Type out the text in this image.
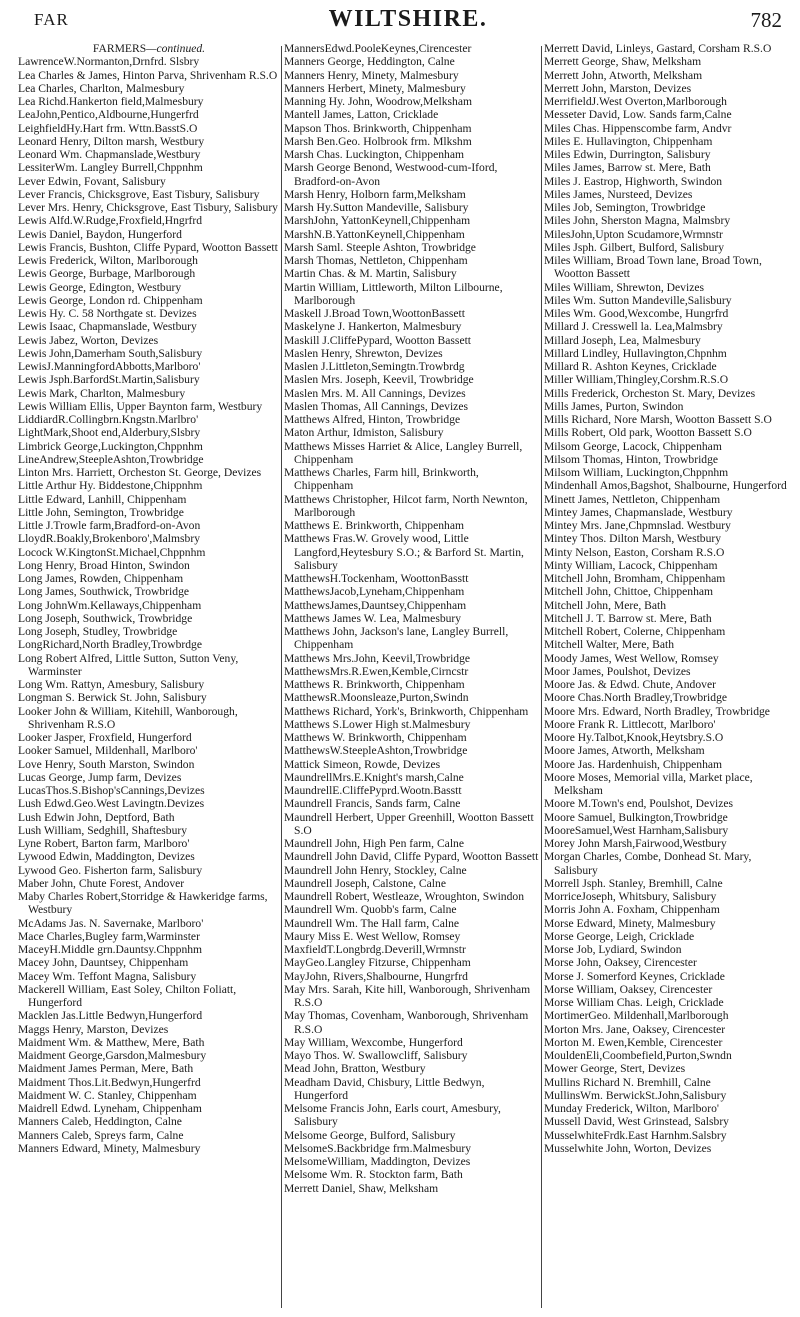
FAR	WILTSHIRE.	782
FARMERS—continued.
LawrenceW.Normanton,Drnfrd. Slsbry
Lea Charles & James, Hinton Parva, Shrivenham R.S.O
Lea Charles, Charlton, Malmesbury
Lea Richd.Hankerton field,Malmesbury
LeaJohn,Pentico,Aldbourne,Hungerfrd
LeighfieldHy.Hart frm. Wttn.BasstS.O
Leonard Henry, Dilton marsh, Westbury
Leonard Wm. Chapmanslade,Westbury
LessiterWm. Langley Burrell,Chppnhm
Lever Edwin, Fovant, Salisbury
Lever Francis, Chicksgrove, East Tisbury, Salisbury
Lever Mrs. Henry, Chicksgrove, East Tisbury, Salisbury
Lewis Alfd.W.Rudge,Froxfield,Hngrfrd
Lewis Daniel, Baydon, Hungerford
Lewis Francis, Bushton, Cliffe Pypard, Wootton Bassett
Lewis Frederick, Wilton, Marlborough
Lewis George, Burbage, Marlborough
Lewis George, Edington, Westbury
Lewis George, London rd. Chippenham
Lewis Hy. C. 58 Northgate st. Devizes
Lewis Isaac, Chapmanslade, Westbury
Lewis Jabez, Worton, Devizes
Lewis John,Damerham South,Salisbury
LewisJ.ManningfordAbbotts,Marlboro'
Lewis Jsph.BarfordSt.Martin,Salisbury
Lewis Mark, Charlton, Malmesbury
Lewis William Ellis, Upper Baynton farm, Westbury
LiddiardR.Collingbrn.Kngstn.Marlbro'
LightMark,Shoot end,Alderbury,Slsbry
Limbrick George,Luckington,Chppnhm
LineAndrew,SteepleAshton,Trowbridge
Linton Mrs. Harriett, Orcheston St. George, Devizes
Little Arthur Hy. Biddestone,Chippnhm
Little Edward, Lanhill, Chippenham
Little John, Semington, Trowbridge
Little J.Trowle farm,Bradford-on-Avon
LloydR.Boakly,Brokenboro',Malmsbry
Locock W.KingtonSt.Michael,Chppnhm
Long Henry, Broad Hinton, Swindon
Long James, Rowden, Chippenham
Long James, Southwick, Trowbridge
Long JohnWm.Kellaways,Chippenham
Long Joseph, Southwick, Trowbridge
Long Joseph, Studley, Trowbridge
LongRichard,North Bradley,Trowbrdge
Long Robert Alfred, Little Sutton, Sutton Veny, Warminster
Long Wm. Rattyn, Amesbury, Salisbury
Longman S. Berwick St. John, Salisbury
Looker John & William, Kitehill, Wanborough, Shrivenham R.S.O
Looker Jasper, Froxfield, Hungerford
Looker Samuel, Mildenhall, Marlboro'
Love Henry, South Marston, Swindon
Lucas George, Jump farm, Devizes
LucasThos.S.Bishop'sCannings,Devizes
Lush Edwd.Geo.West Lavingtn.Devizes
Lush Edwin John, Deptford, Bath
Lush William, Sedghill, Shaftesbury
Lyne Robert, Barton farm, Marlboro'
Lywood Edwin, Maddington, Devizes
Lywood Geo. Fisherton farm, Salisbury
Maber John, Chute Forest, Andover
Maby Charles Robert,Storridge & Hawkeridge farms, Westbury
McAdams Jas. N. Savernake, Marlboro'
Mace Charles,Bugley farm,Warminster
MaceyH.Middle grn.Dauntsy.Chppnhm
Macey John, Dauntsey, Chippenham
Macey Wm. Teffont Magna, Salisbury
Mackerell William, East Soley, Chilton Foliatt, Hungerford
Macklen Jas.Little Bedwyn,Hungerford
Maggs Henry, Marston, Devizes
Maidment Wm. & Matthew, Mere, Bath
Maidment George,Garsdon,Malmesbury
Maidment James Perman, Mere, Bath
Maidment Thos.Lit.Bedwyn,Hungerfrd
Maidment W. C. Stanley, Chippenham
Maidrell Edwd. Lyneham, Chippenham
Manners Caleb, Heddington, Calne
Manners Caleb, Spreys farm, Calne
Manners Edward, Minety, Malmesbury
MannersEdwd.PooleKeynes,Cirencester
Manners George, Heddington, Calne
Manners Henry, Minety, Malmesbury
Manners Herbert, Minety, Malmesbury
Manning Hy. John, Woodrow,Melksham
Mantell James, Latton, Cricklade
Mapson Thos. Brinkworth, Chippenham
Marsh Ben.Geo. Holbrook frm. Mlkshm
Marsh Chas. Luckington, Chippenham
Marsh George Benond, Westwood-cum-Iford, Bradford-on-Avon
Marsh Henry, Holborn farm,Melksham
Marsh Hy.Sutton Mandeville, Salisbury
MarshJohn, YattonKeynell,Chippenham
MarshN.B.YattonKeynell,Chippenham
Marsh Saml. Steeple Ashton, Trowbridge
Marsh Thomas, Nettleton, Chippenham
Martin Chas. & M. Martin, Salisbury
Martin William, Littleworth, Milton Lilbourne, Marlborough
Maskell J.Broad Town,WoottonBassett
Maskelyne J. Hankerton, Malmesbury
Maskill J.CliffePypard, Wootton Bassett
Maslen Henry, Shrewton, Devizes
Maslen J.Littleton,Semingtn.Trowbrdg
Maslen Mrs. Joseph, Keevil, Trowbridge
Maslen Mrs. M. All Cannings, Devizes
Maslen Thomas, All Cannings, Devizes
Matthews Alfred, Hinton, Trowbridge
Maton Arthur, Idmiston, Salisbury
Matthews Misses Harriet & Alice, Langley Burrell, Chippenham
Matthews Charles, Farm hill, Brinkworth, Chippenham
Matthews Christopher, Hilcot farm, North Newnton, Marlborough
Matthews E. Brinkworth, Chippenham
Matthews Fras.W. Grovely wood, Little Langford,Heytesbury S.O.; & Barford St. Martin, Salisbury
MatthewsH.Tockenham, WoottonBasstt
MatthewsJacob,Lyneham,Chippenham
MatthewsJames,Dauntsey,Chippenham
Matthews James W. Lea, Malmesbury
Matthews John, Jackson's lane, Langley Burrell, Chippenham
Matthews Mrs.John, Keevil,Trowbridge
MatthewsMrs.R.Ewen,Kemble,Cirncstr
Matthews R. Brinkworth, Chippenham
MatthewsR.Moonsleaze,Purton,Swindn
Matthews Richard, York's, Brinkworth, Chippenham
Matthews S.Lower High st.Malmesbury
Matthews W. Brinkworth, Chippenham
MatthewsW.SteepleAshton,Trowbridge
Mattick Simeon, Rowde, Devizes
MaundrellMrs.E.Knight's marsh,Calne
MaundrellE.CliffePyprd.Wootn.Basstt
Maundrell Francis, Sands farm, Calne
Maundrell Herbert, Upper Greenhill, Wootton Bassett S.O
Maundrell John, High Pen farm, Calne
Maundrell John David, Cliffe Pypard, Wootton Bassett
Maundrell John Henry, Stockley, Calne
Maundrell Joseph, Calstone, Calne
Maundrell Robert, Westleaze, Wroughton, Swindon
Maundrell Wm. Quobb's farm, Calne
Maundrell Wm. The Hall farm, Calne
Maury Miss E. West Wellow, Romsey
MaxfieldT.Longbrdg.Deverill,Wrmnstr
MayGeo.Langley Fitzurse, Chippenham
MayJohn, Rivers,Shalbourne, Hungrfrd
May Mrs. Sarah, Kite hill, Wanborough, Shrivenham R.S.O
May Thomas, Covenham, Wanborough, Shrivenham R.S.O
May William, Wexcombe, Hungerford
Mayo Thos. W. Swallowcliff, Salisbury
Mead John, Bratton, Westbury
Meadham David, Chisbury, Little Bedwyn, Hungerford
Melsome Francis John, Earls court, Amesbury, Salisbury
Melsome George, Bulford, Salisbury
MelsomeS.Backbridge frm.Malmesbury
MelsomeWilliam, Maddington, Devizes
Melsome Wm. R. Stockton farm, Bath
Merrett Daniel, Shaw, Melksham
Merrett David, Linleys, Gastard, Corsham R.S.O
Merrett George, Shaw, Melksham
Merrett John, Atworth, Melksham
Merrett John, Marston, Devizes
MerrifieldJ.West Overton,Marlborough
Messeter David, Low. Sands farm,Calne
Miles Chas. Hippenscombe farm, Andvr
Miles E. Hullavington, Chippenham
Miles Edwin, Durrington, Salisbury
Miles James, Barrow st. Mere, Bath
Miles J. Eastrop, Highworth, Swindon
Miles James, Nursteed, Devizes
Miles Job, Semington, Trowbridge
Miles John, Sherston Magna, Malmsbry
MilesJohn,Upton Scudamore,Wrmnstr
Miles Jsph. Gilbert, Bulford, Salisbury
Miles William, Broad Town lane, Broad Town, Wootton Bassett
Miles William, Shrewton, Devizes
Miles Wm. Sutton Mandeville,Salisbury
Miles Wm. Good,Wexcombe, Hungrfrd
Millard J. Cresswell la. Lea,Malmsbry
Millard Joseph, Lea, Malmesbury
Millard Lindley, Hullavington,Chpnhm
Millard R. Ashton Keynes, Cricklade
Miller William,Thingley,Corshm.R.S.O
Mills Frederick, Orcheston St. Mary, Devizes
Mills James, Purton, Swindon
Mills Richard, Nore Marsh, Wootton Bassett S.O
Mills Robert, Old park, Wootton Bassett S.O
Milsom George, Lacock, Chippenham
Milsom Thomas, Hinton, Trowbridge
Milsom William, Luckington,Chppnhm
Mindenhall Amos,Bagshot, Shalbourne, Hungerford
Minett James, Nettleton, Chippenham
Mintey James, Chapmanslade, Westbury
Mintey Mrs. Jane,Chpmnslad. Westbury
Mintey Thos. Dilton Marsh, Westbury
Minty Nelson, Easton, Corsham R.S.O
Minty William, Lacock, Chippenham
Mitchell John, Bromham, Chippenham
Mitchell John, Chittoe, Chippenham
Mitchell John, Mere, Bath
Mitchell J. T. Barrow st. Mere, Bath
Mitchell Robert, Colerne, Chippenham
Mitchell Walter, Mere, Bath
Moody James, West Wellow, Romsey
Moor James, Poulshot, Devizes
Moore Jas. & Edwd. Chute, Andover
Moore Chas.North Bradley,Trowbridge
Moore Mrs. Edward, North Bradley, Trowbridge
Moore Frank R. Littlecott, Marlboro'
Moore Hy.Talbot,Knook,Heytsbry.S.O
Moore James, Atworth, Melksham
Moore Jas. Hardenhuish, Chippenham
Moore Moses, Memorial villa, Market place, Melksham
Moore M.Town's end, Poulshot, Devizes
Moore Samuel, Bulkington,Trowbridge
MooreSamuel,West Harnham,Salisbury
Morey John Marsh,Fairwood,Westbury
Morgan Charles, Combe, Donhead St. Mary, Salisbury
Morrell Jsph. Stanley, Bremhill, Calne
MorriceJoseph, Whitsbury, Salisbury
Morris John A. Foxham, Chippenham
Morse Edward, Minety, Malmesbury
Morse George, Leigh, Cricklade
Morse Job, Lydiard, Swindon
Morse John, Oaksey, Cirencester
Morse J. Somerford Keynes, Cricklade
Morse William, Oaksey, Cirencester
Morse William Chas. Leigh, Cricklade
MortimerGeo. Mildenhall,Marlborough
Morton Mrs. Jane, Oaksey, Cirencester
Morton M. Ewen,Kemble, Cirencester
MouldenEli,Coombefield,Purton,Swndn
Mower George, Stert, Devizes
Mullins Richard N. Bremhill, Calne
MullinsWm. BerwickSt.John,Salisbury
Munday Frederick, Wilton, Marlboro'
Mussell David, West Grinstead, Salsbry
MusselwhiteFrdk.East Harnhm.Salsbry
Musselwhite John, Worton, Devizes
